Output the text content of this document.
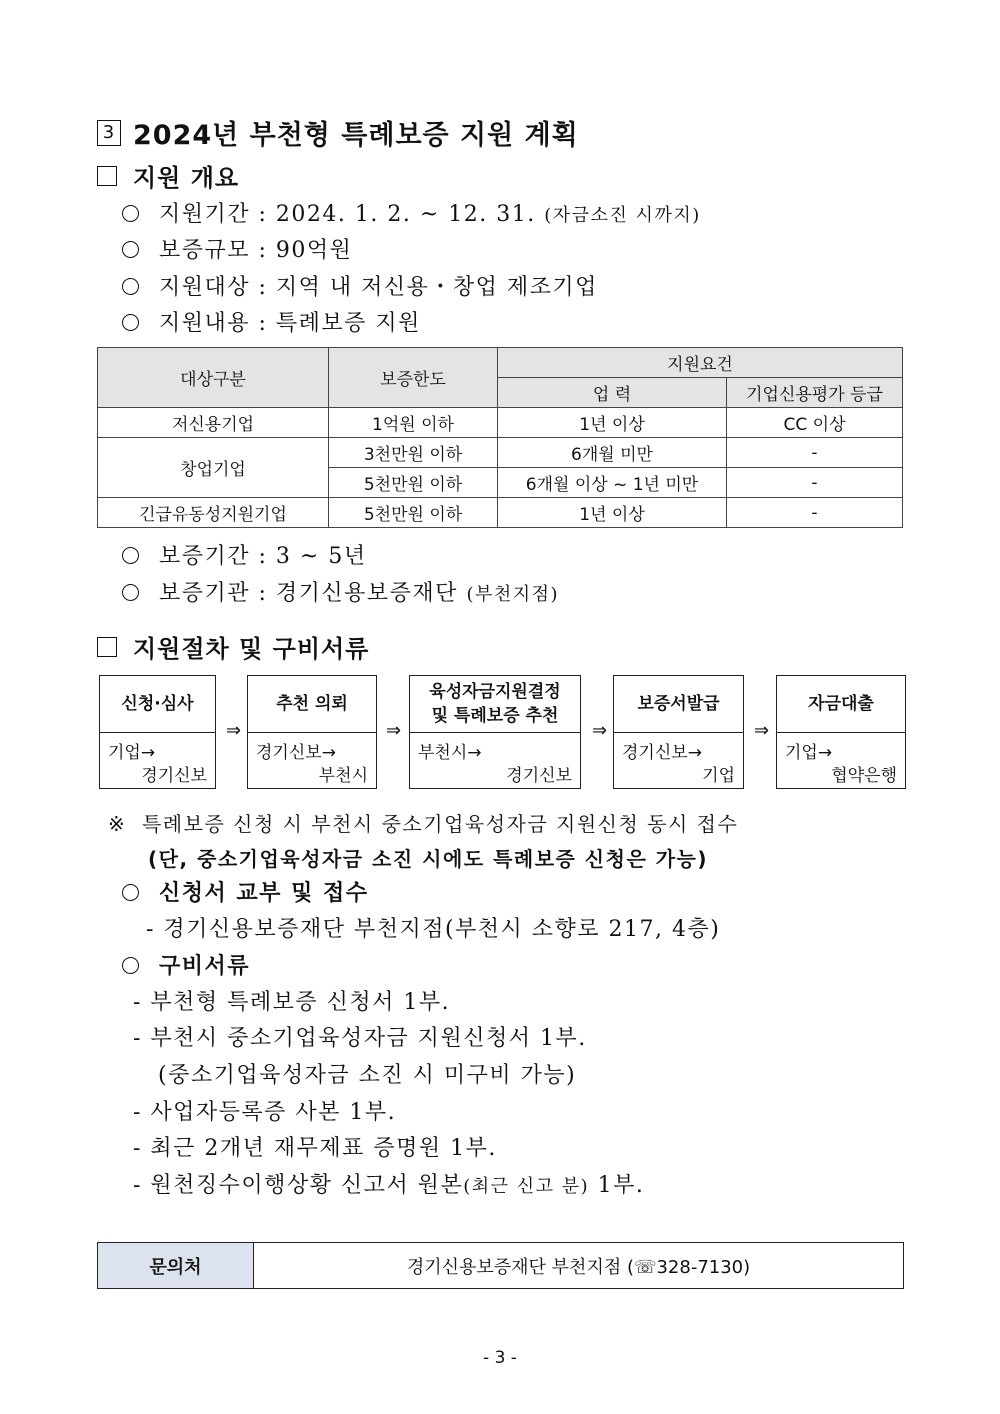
3 2024년 부천형 특례보증 지원 계획
지원 개요
지원기간 : 2024. 1. 2. ~ 12. 31.
(자금소진 시까지)
보증규모 : 90억원
지원대상 : 지역 내 저신용・창업 제조기업
지원내용 : 특례보증 지원
대상구분	보증한도	지원요건	
		업 력	기업신용평가 등급
저신용기업	1억원 이하	1년 이상	CC 이상
창업기업	3천만원 이하	6개월 미만	-
	5천만원 이하	6개월 이상 ~ 1년 미만	-
긴급유동성지원기업	5천만원 이하	1년 이상	-
보증기간 : 3 ~ 5년
보증기관 : 경기신용보증재단
(부천지점)
지원절차 및 구비서류
신청·심사
기업→
경기신보
⇒
추천 의뢰
경기신보→
부천시
⇒
육성자금지원결정
및 특례보증 추천
부천시→
경기신보
⇒
보증서발급
경기신보→
기업
⇒
자금대출
기업→
협약은행
※ 특례보증 신청 시 부천시 중소기업육성자금 지원신청 동시 접수
(단, 중소기업육성자금 소진 시에도 특례보증 신청은 가능)
신청서 교부 및 접수
- 경기신용보증재단 부천지점(부천시 소향로 217, 4층)
구비서류
- 부천형 특례보증 신청서 1부.
- 부천시 중소기업육성자금 지원신청서 1부.
(중소기업육성자금 소진 시 미구비 가능)
- 사업자등록증 사본 1부.
- 최근 2개년 재무제표 증명원 1부.
- 원천징수이행상황 신고서 원본(최근 신고 분) 1부.
문의처	경기신용보증재단 부천지점 (☏328-7130)
- 3 -
